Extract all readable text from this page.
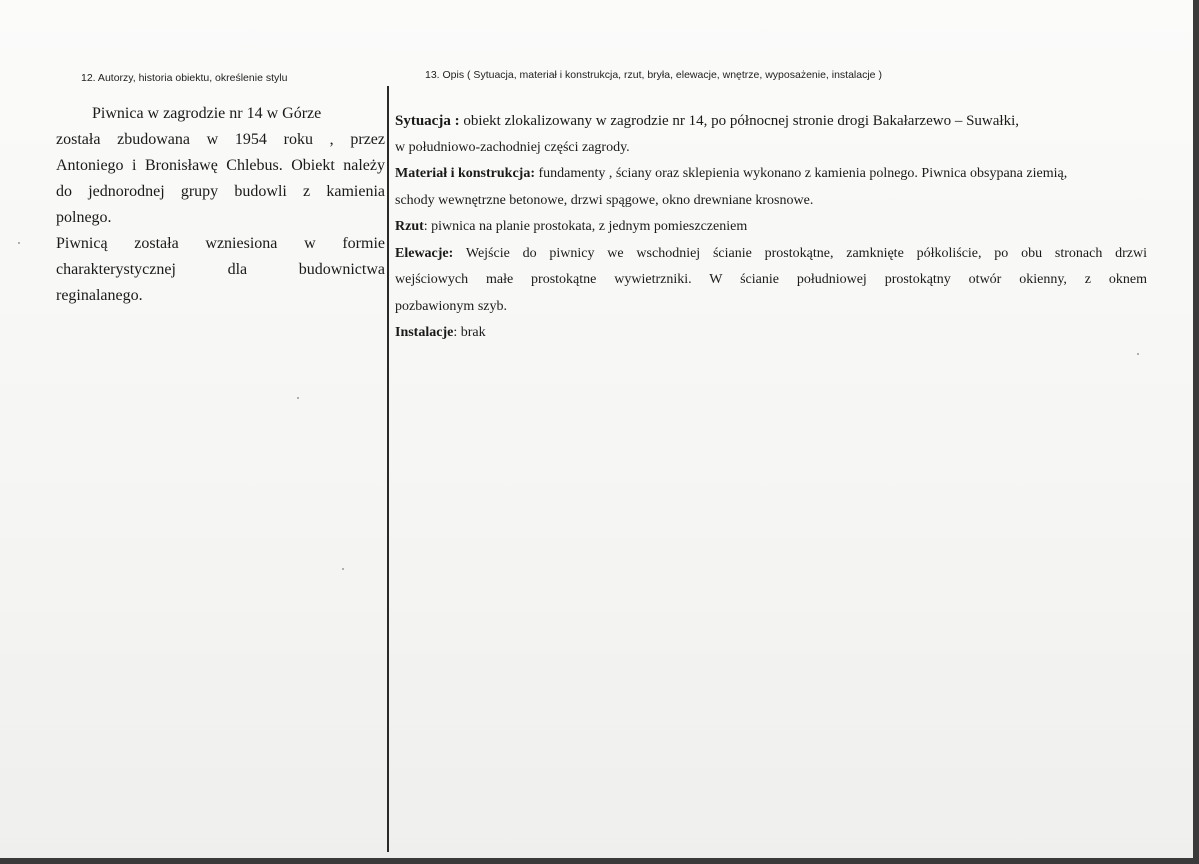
12. Autorzy, historia obiektu, określenie stylu	13. Opis ( Sytuacja, materiał i konstrukcja, rzut, bryła, elewacje, wnętrze, wyposażenie, instalacje )
Piwnica w zagrodzie nr 14 w Górze
została zbudowana w 1954 roku , przez
Antoniego i Bronisławę Chlebus. Obiekt należy
do jednorodnej grupy budowli z kamienia
polnego.
Piwnicą została wzniesiona w formie
charakterystycznej dla budownictwa
reginalanego.
Sytuacja : obiekt zlokalizowany w zagrodzie nr 14, po północnej stronie drogi Bakałarzewo – Suwałki,
w południowo-zachodniej części zagrody.
Materiał i konstrukcja: fundamenty , ściany oraz sklepienia wykonano z kamienia polnego. Piwnica obsypana ziemią,
schody wewnętrzne betonowe, drzwi spągowe, okno drewniane krosnowe.
Rzut: piwnica na planie prostokata, z jednym pomieszczeniem
Elewacje: Wejście do piwnicy we wschodniej ścianie prostokątne, zamknięte półkoliście, po obu stronach drzwi
wejściowych małe prostokątne wywietrzniki. W ścianie południowej prostokątny otwór okienny, z oknem
pozbawionym szyb.
Instalacje: brak
